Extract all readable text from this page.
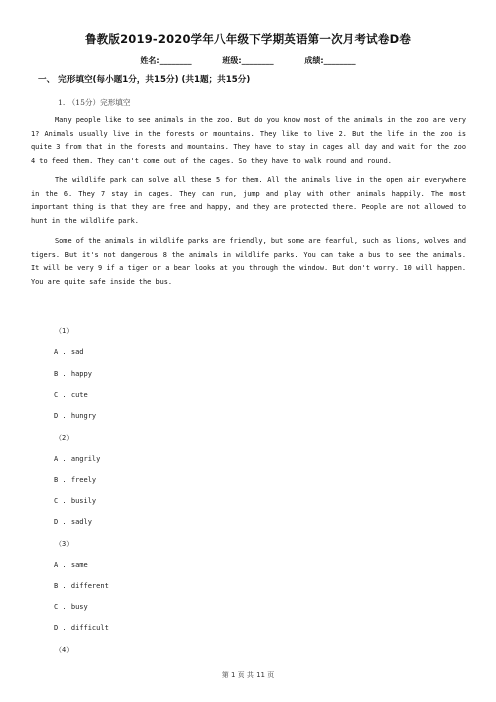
鲁教版2019-2020学年八年级下学期英语第一次月考试卷D卷
姓名:________	班级:________	成绩:________
一、 完形填空(每小题1分，共15分) (共1题；共15分)
1. （15分）完形填空
Many people like to see animals in the zoo. But do you know most of the animals in the zoo are very 1? Animals usually live in the forests or mountains. They like to live 2. But the life in the zoo is quite 3 from that in the forests and mountains. They have to stay in cages all day and wait for the zoo 4 to feed them. They can't come out of the cages. So they have to walk round and round.
The wildlife park can solve all these 5 for them. All the animals live in the open air everywhere in the 6. They 7 stay in cages. They can run, jump and play with other animals happily. The most important thing is that they are free and happy, and they are protected there. People are not allowed to hunt in the wildlife park.
Some of the animals in wildlife parks are friendly, but some are fearful, such as lions, wolves and tigers. But it's not dangerous 8 the animals in wildlife parks. You can take a bus to see the animals. It will be very 9 if a tiger or a bear looks at you through the window. But don't worry. 10 will happen. You are quite safe inside the bus.
（1）
A . sad
B . happy
C . cute
D . hungry
（2）
A . angrily
B . freely
C . busily
D . sadly
（3）
A . same
B . different
C . busy
D . difficult
（4）
第 1 页 共 11 页
